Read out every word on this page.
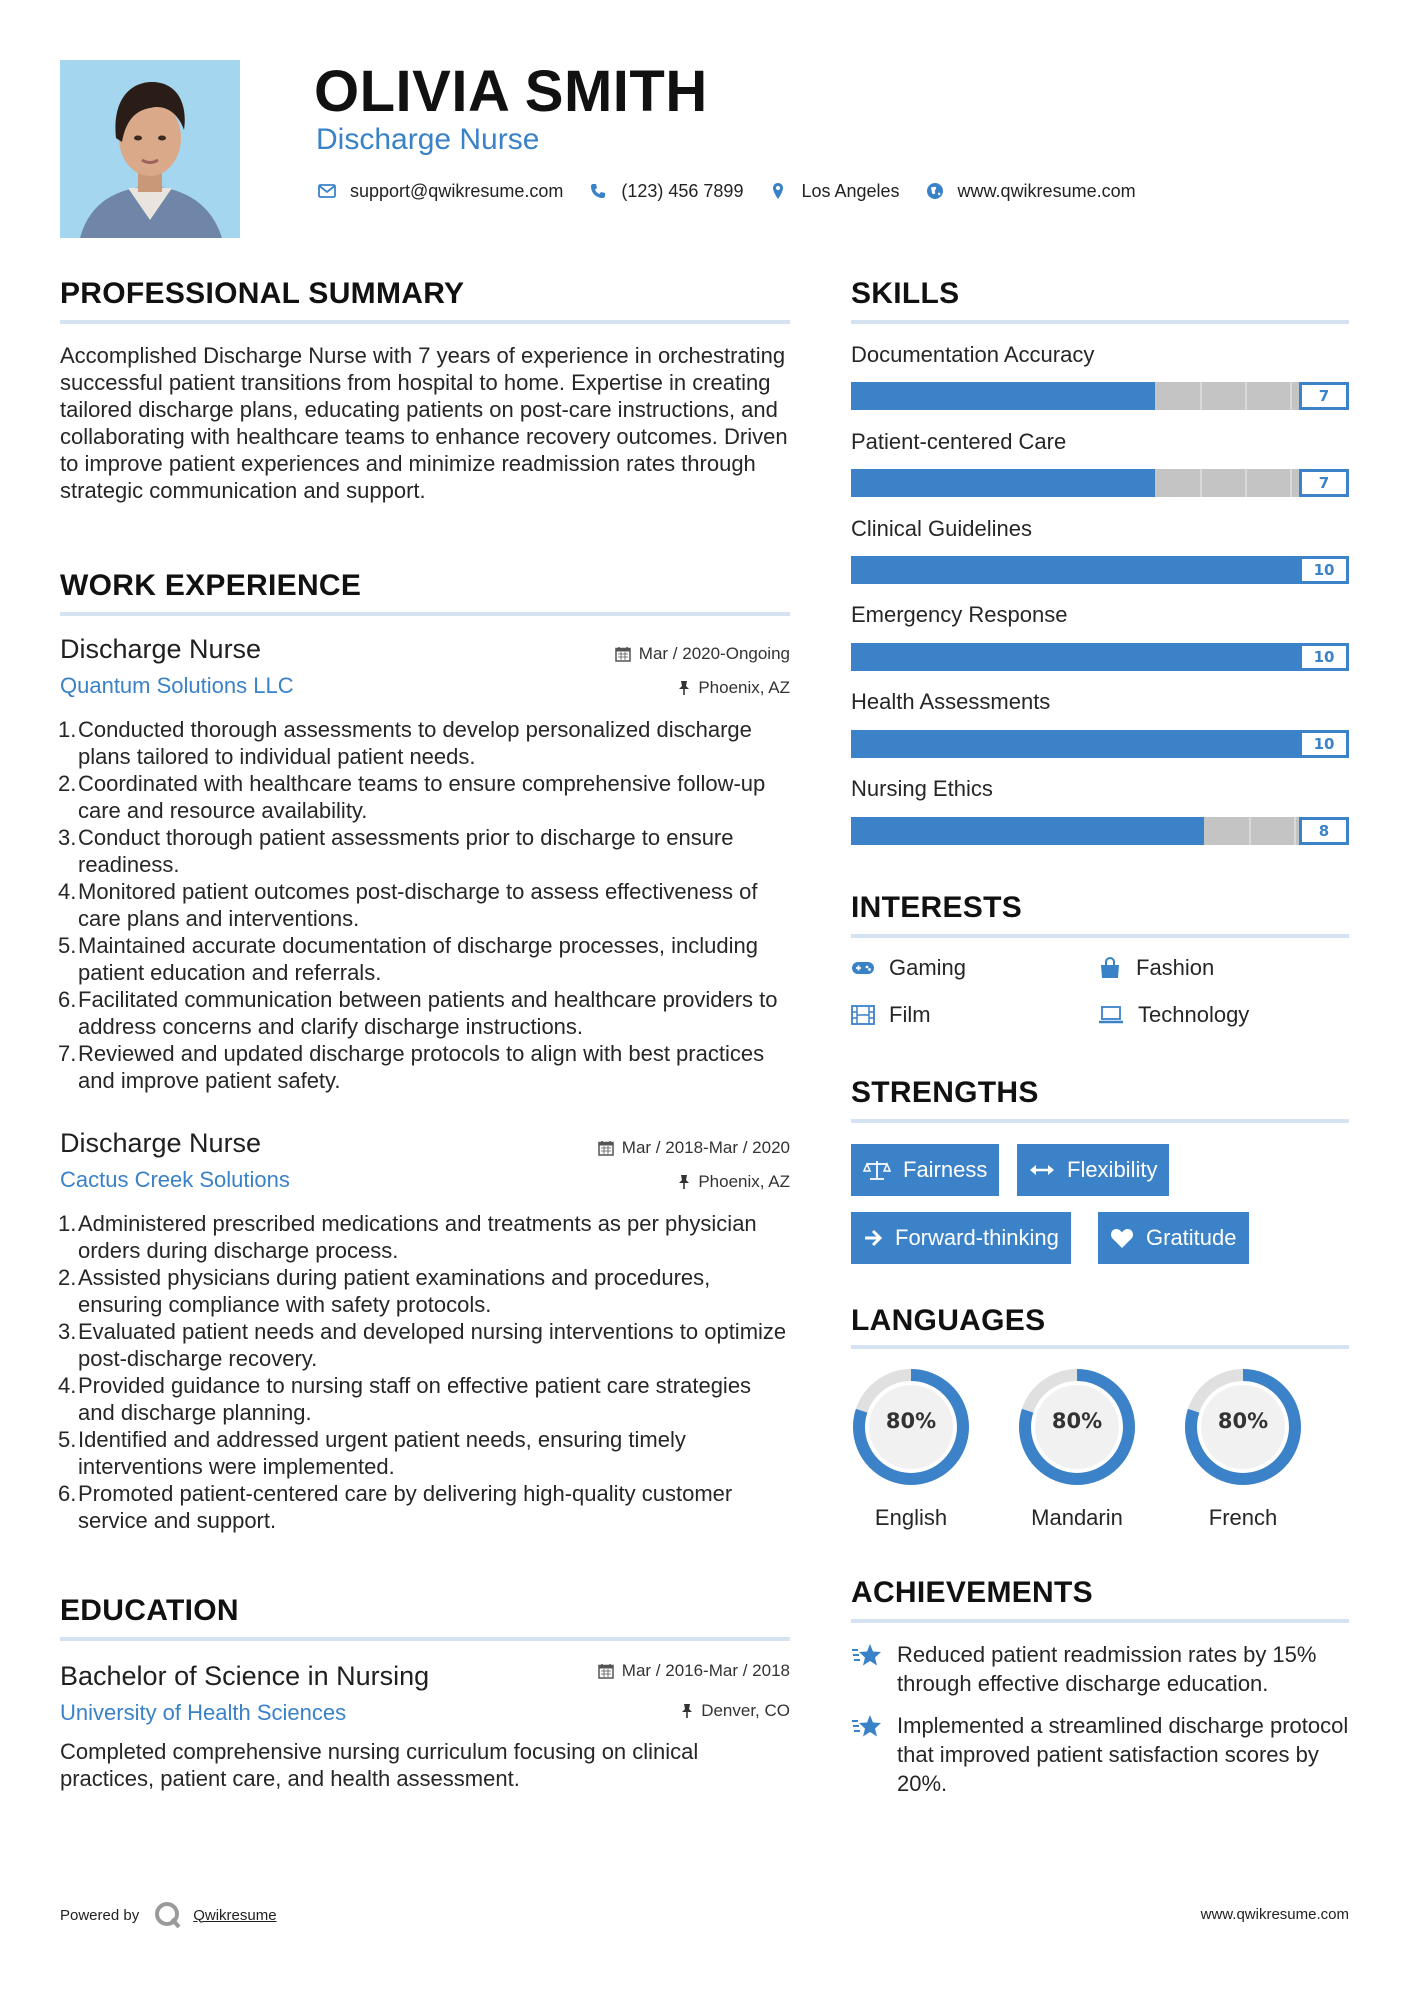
OLIVIA SMITH
Discharge Nurse
support@qwikresume.com	(123) 456 7899	Los Angeles	www.qwikresume.com
PROFESSIONAL SUMMARY
Accomplished Discharge Nurse with 7 years of experience in orchestrating successful patient transitions from hospital to home. Expertise in creating tailored discharge plans, educating patients on post-care instructions, and collaborating with healthcare teams to enhance recovery outcomes. Driven to improve patient experiences and minimize readmission rates through strategic communication and support.
WORK EXPERIENCE
Discharge Nurse
Quantum Solutions LLC
Mar / 2020-Ongoing
Phoenix, AZ
Conducted thorough assessments to develop personalized discharge plans tailored to individual patient needs.
Coordinated with healthcare teams to ensure comprehensive follow-up care and resource availability.
Conduct thorough patient assessments prior to discharge to ensure readiness.
Monitored patient outcomes post-discharge to assess effectiveness of care plans and interventions.
Maintained accurate documentation of discharge processes, including patient education and referrals.
Facilitated communication between patients and healthcare providers to address concerns and clarify discharge instructions.
Reviewed and updated discharge protocols to align with best practices and improve patient safety.
Discharge Nurse
Cactus Creek Solutions
Mar / 2018-Mar / 2020
Phoenix, AZ
Administered prescribed medications and treatments as per physician orders during discharge process.
Assisted physicians during patient examinations and procedures, ensuring compliance with safety protocols.
Evaluated patient needs and developed nursing interventions to optimize post-discharge recovery.
Provided guidance to nursing staff on effective patient care strategies and discharge planning.
Identified and addressed urgent patient needs, ensuring timely interventions were implemented.
Promoted patient-centered care by delivering high-quality customer service and support.
EDUCATION
Bachelor of Science in Nursing
University of Health Sciences
Mar / 2016-Mar / 2018
Denver, CO
Completed comprehensive nursing curriculum focusing on clinical practices, patient care, and health assessment.
SKILLS
Documentation Accuracy
7
Patient-centered Care
7
Clinical Guidelines
10
Emergency Response
10
Health Assessments
10
Nursing Ethics
8
INTERESTS
Gaming	Fashion
Film	Technology
STRENGTHS
Fairness	Flexibility
Forward-thinking	Gratitude
LANGUAGES
80%
English
80%
Mandarin
80%
French
ACHIEVEMENTS
Reduced patient readmission rates by 15% through effective discharge education.
Implemented a streamlined discharge protocol that improved patient satisfaction scores by 20%.
Powered by	Qwikresume	www.qwikresume.com
